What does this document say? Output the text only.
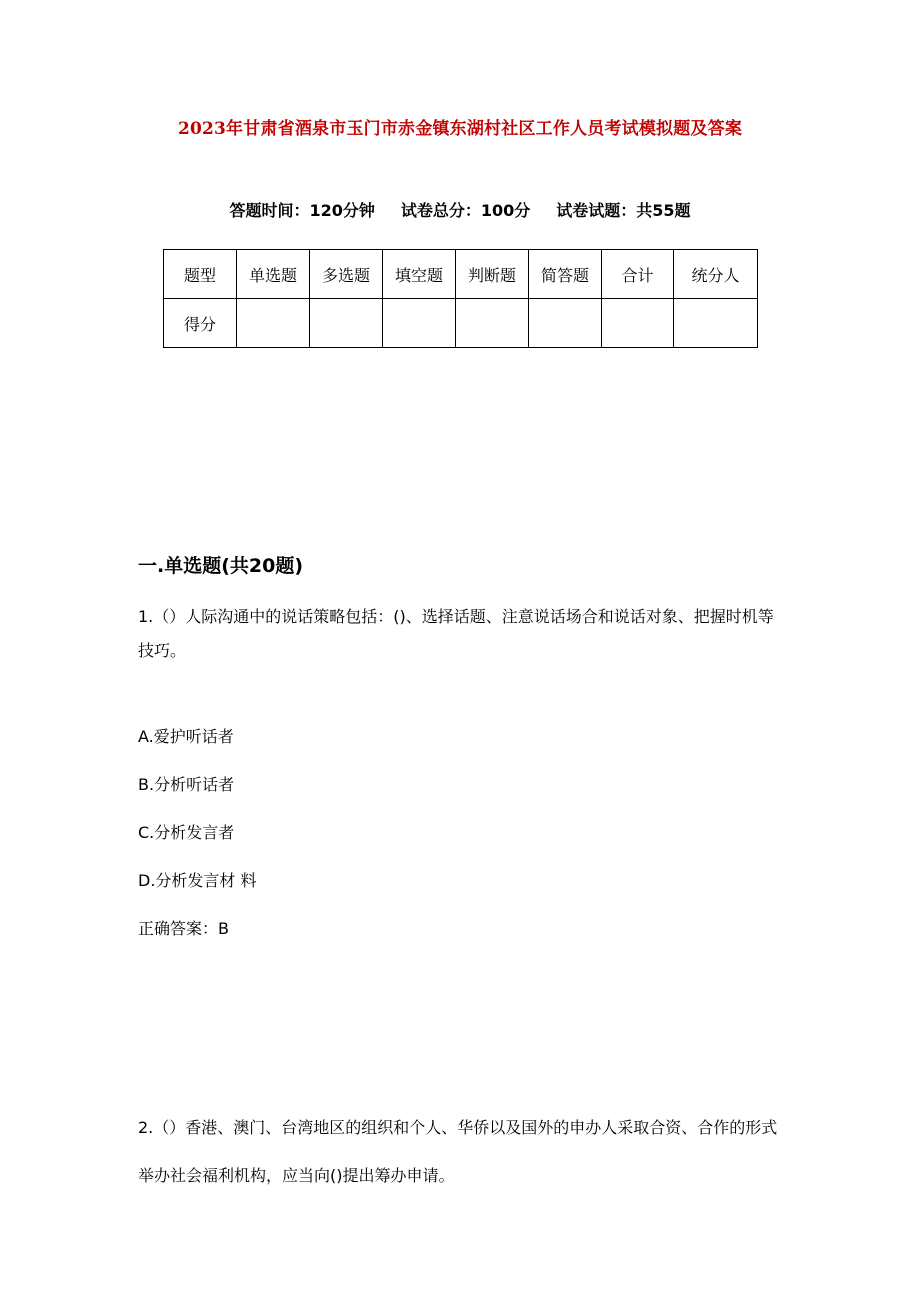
2023年甘肃省酒泉市玉门市赤金镇东湖村社区工作人员考试模拟题及答案
答题时间：120分钟 试卷总分：100分 试卷试题：共55题
题型	单选题	多选题	填空题	判断题	简答题	合计	统分人
得分							
一.单选题(共20题)
1.（）人际沟通中的说话策略包括：()、选择话题、注意说话场合和说话对象、把握时机等技巧。
A.爱护听话者
B.分析听话者
C.分析发言者
D.分析发言材 料
正确答案：B
2.（）香港、澳门、台湾地区的组织和个人、华侨以及国外的申办人采取合资、合作的形式举办社会福利机构，应当向()提出筹办申请。
